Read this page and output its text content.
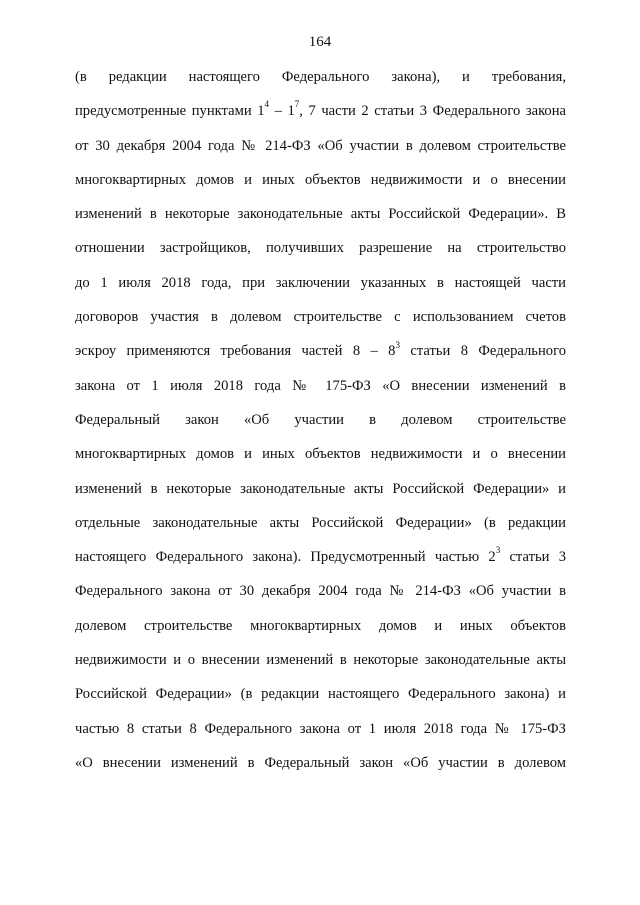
164
(в редакции настоящего Федерального закона), и требования,
предусмотренные пунктами $1^4 - 1^7$, 7 части 2 статьи 3 Федерального закона
от 30 декабря 2004 года № 214-ФЗ «Об участии в долевом строительстве
многоквартирных домов и иных объектов недвижимости и о внесении
изменений в некоторые законодательные акты Российской Федерации». В
отношении застройщиков, получивших разрешение на строительство
до 1 июля 2018 года, при заключении указанных в настоящей части
договоров участия в долевом строительстве с использованием счетов
эскроу применяются требования частей $8 - 8^3$ статьи 8 Федерального
закона от 1 июля 2018 года № 175-ФЗ «О внесении изменений в
Федеральный закон «Об участии в долевом строительстве
многоквартирных домов и иных объектов недвижимости и о внесении
изменений в некоторые законодательные акты Российской Федерации» и
отдельные законодательные акты Российской Федерации» (в редакции
настоящего Федерального закона). Предусмотренный частью $2^3$ статьи 3
Федерального закона от 30 декабря 2004 года № 214-ФЗ «Об участии в
долевом строительстве многоквартирных домов и иных объектов
недвижимости и о внесении изменений в некоторые законодательные акты
Российской Федерации» (в редакции настоящего Федерального закона) и
частью 8 статьи 8 Федерального закона от 1 июля 2018 года № 175-ФЗ
«О внесении изменений в Федеральный закон «Об участии в долевом
